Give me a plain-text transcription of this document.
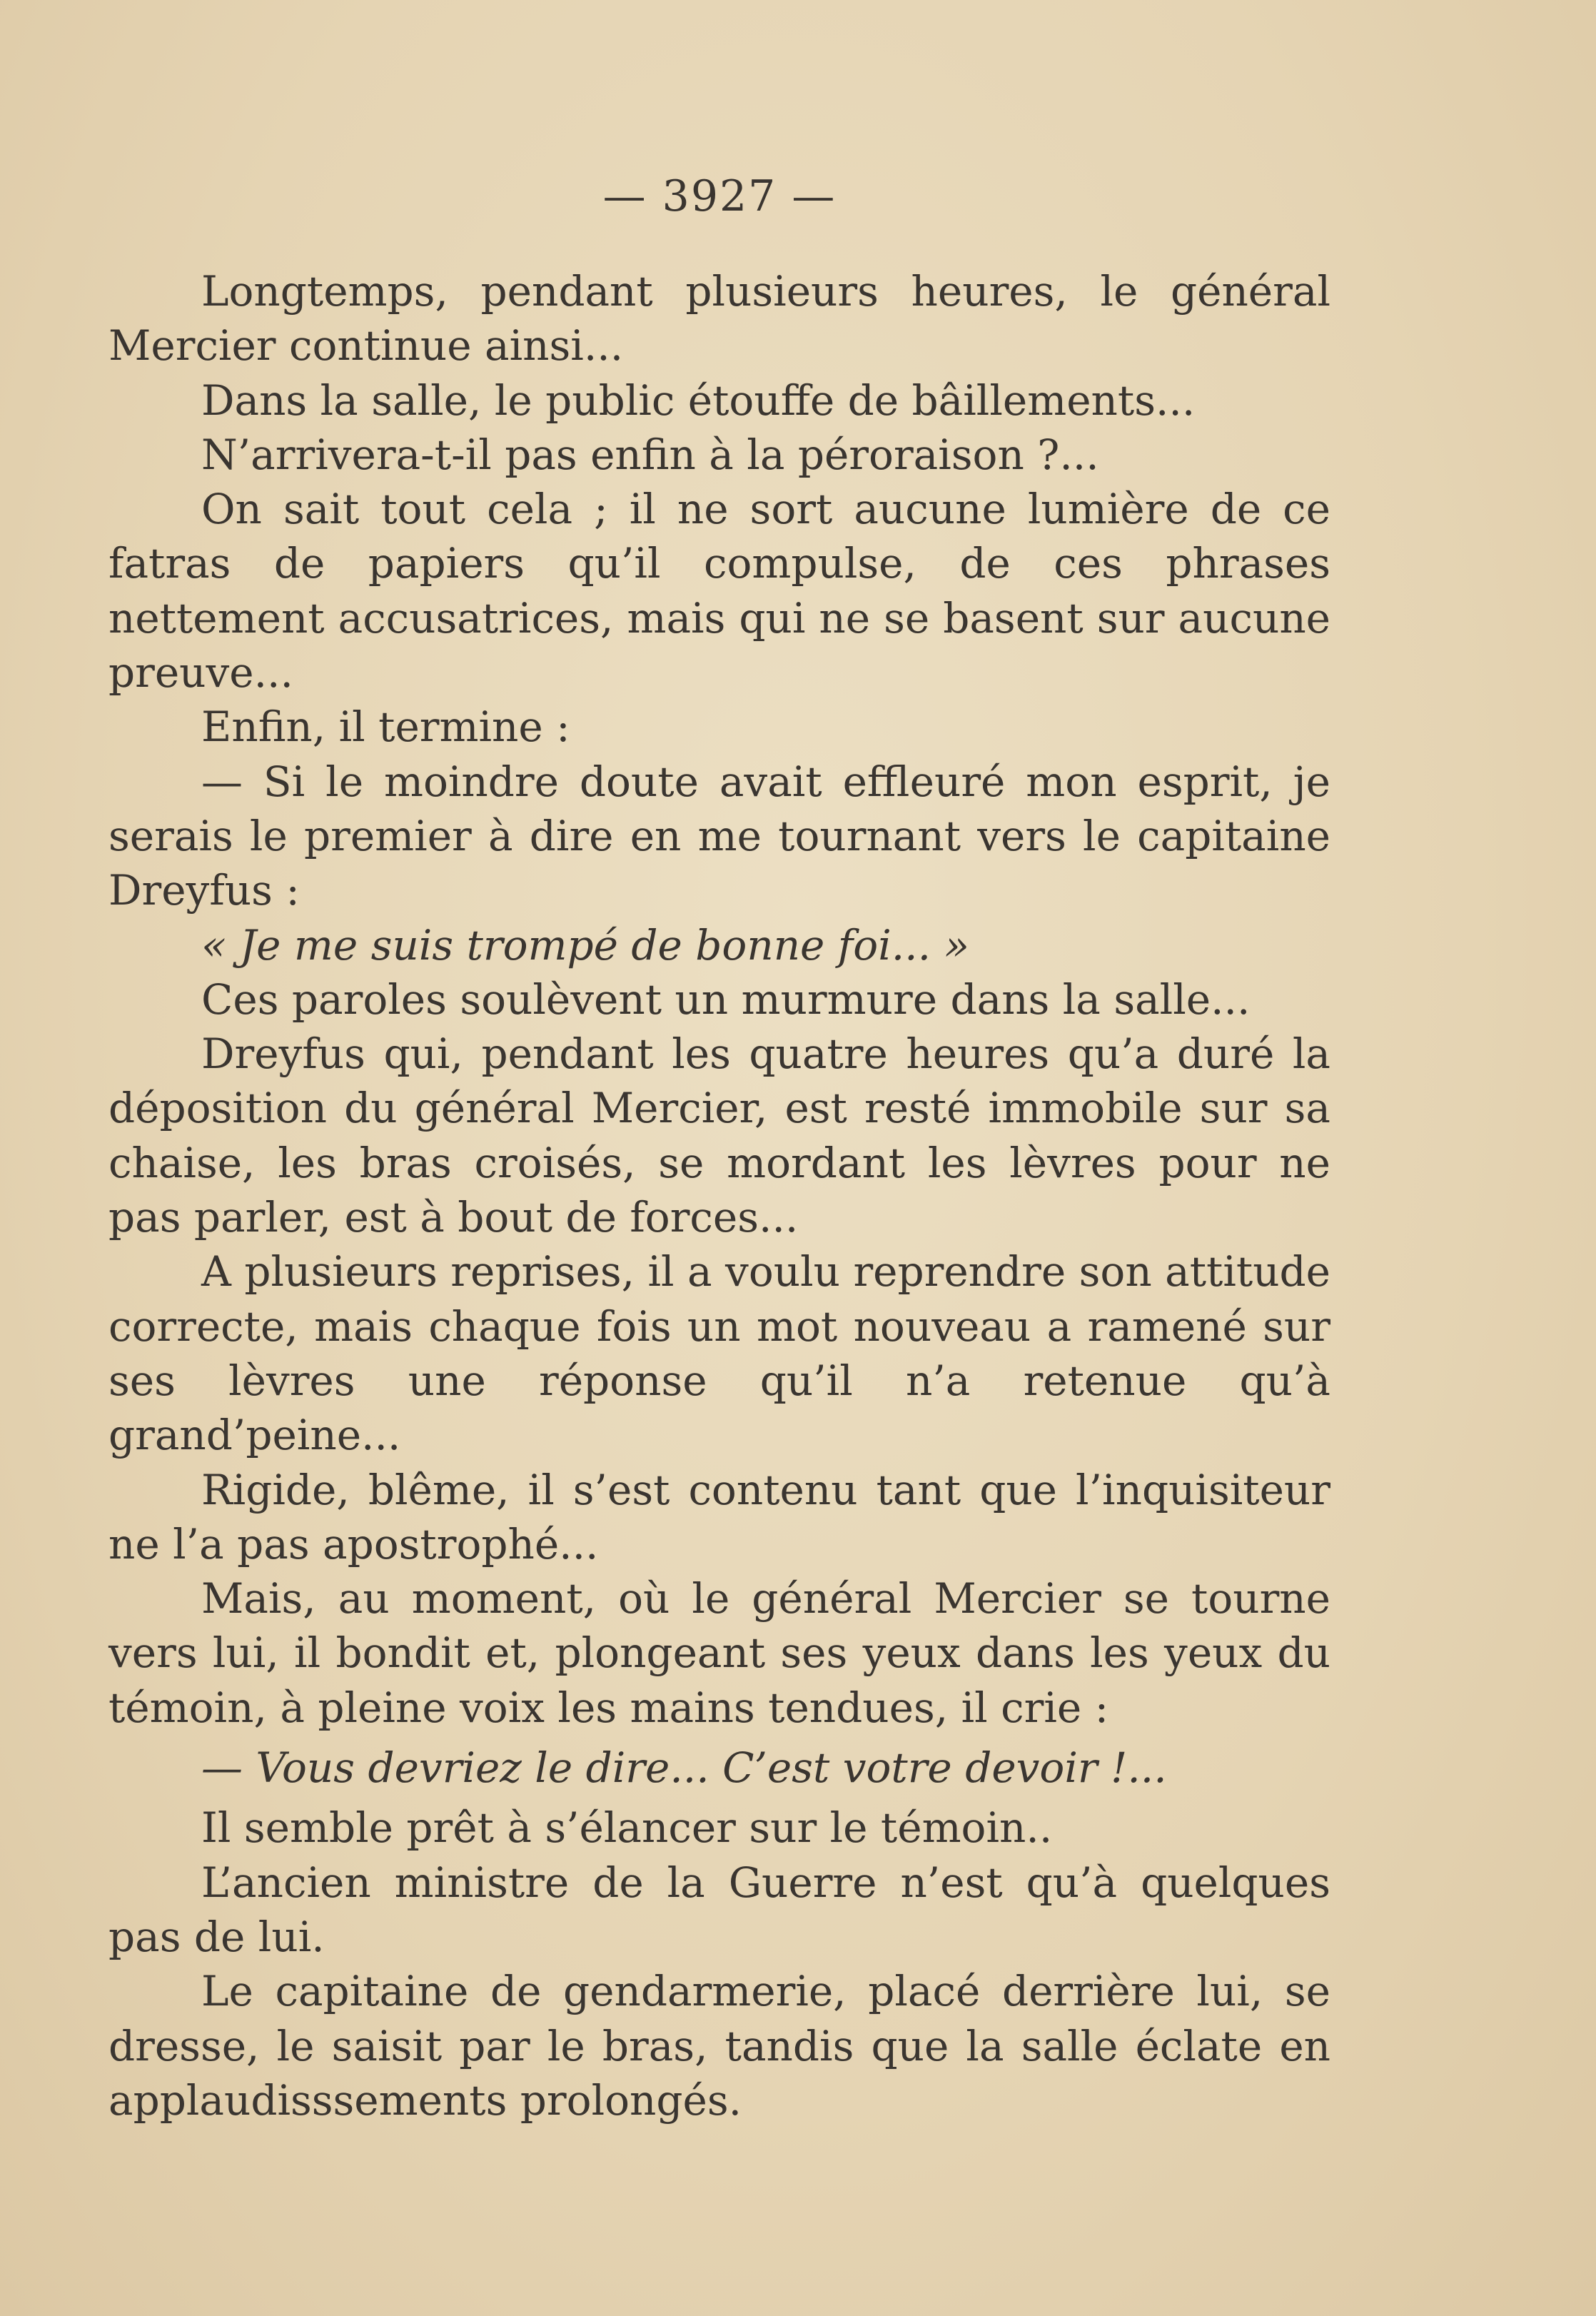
— 3927 —

Longtemps, pendant plusieurs heures, le général Mercier continue ainsi...

Dans la salle, le public étouffe de bâillements...

N’arrivera-t-il pas enfin à la péroraison ?...

On sait tout cela ; il ne sort aucune lumière de ce fatras de papiers qu’il compulse, de ces phrases nettement accusatrices, mais qui ne se basent sur aucune preuve...

Enfin, il termine :

— Si le moindre doute avait effleuré mon esprit, je serais le premier à dire en me tournant vers le capitaine Dreyfus :

« Je me suis trompé de bonne foi... »

Ces paroles soulèvent un murmure dans la salle...

Dreyfus qui, pendant les quatre heures qu’a duré la déposition du général Mercier, est resté immobile sur sa chaise, les bras croisés, se mordant les lèvres pour ne pas parler, est à bout de forces...

A plusieurs reprises, il a voulu reprendre son attitude correcte, mais chaque fois un mot nouveau a ramené sur ses lèvres une réponse qu’il n’a retenue qu’à grand’peine...

Rigide, blême, il s’est contenu tant que l’inquisiteur ne l’a pas apostrophé...

Mais, au moment, où le général Mercier se tourne vers lui, il bondit et, plongeant ses yeux dans les yeux du témoin, à pleine voix les mains tendues, il crie :

— Vous devriez le dire... C’est votre devoir !...

Il semble prêt à s’élancer sur le témoin..

L’ancien ministre de la Guerre n’est qu’à quelques pas de lui.

Le capitaine de gendarmerie, placé derrière lui, se dresse, le saisit par le bras, tandis que la salle éclate en applaudisssements prolongés.
